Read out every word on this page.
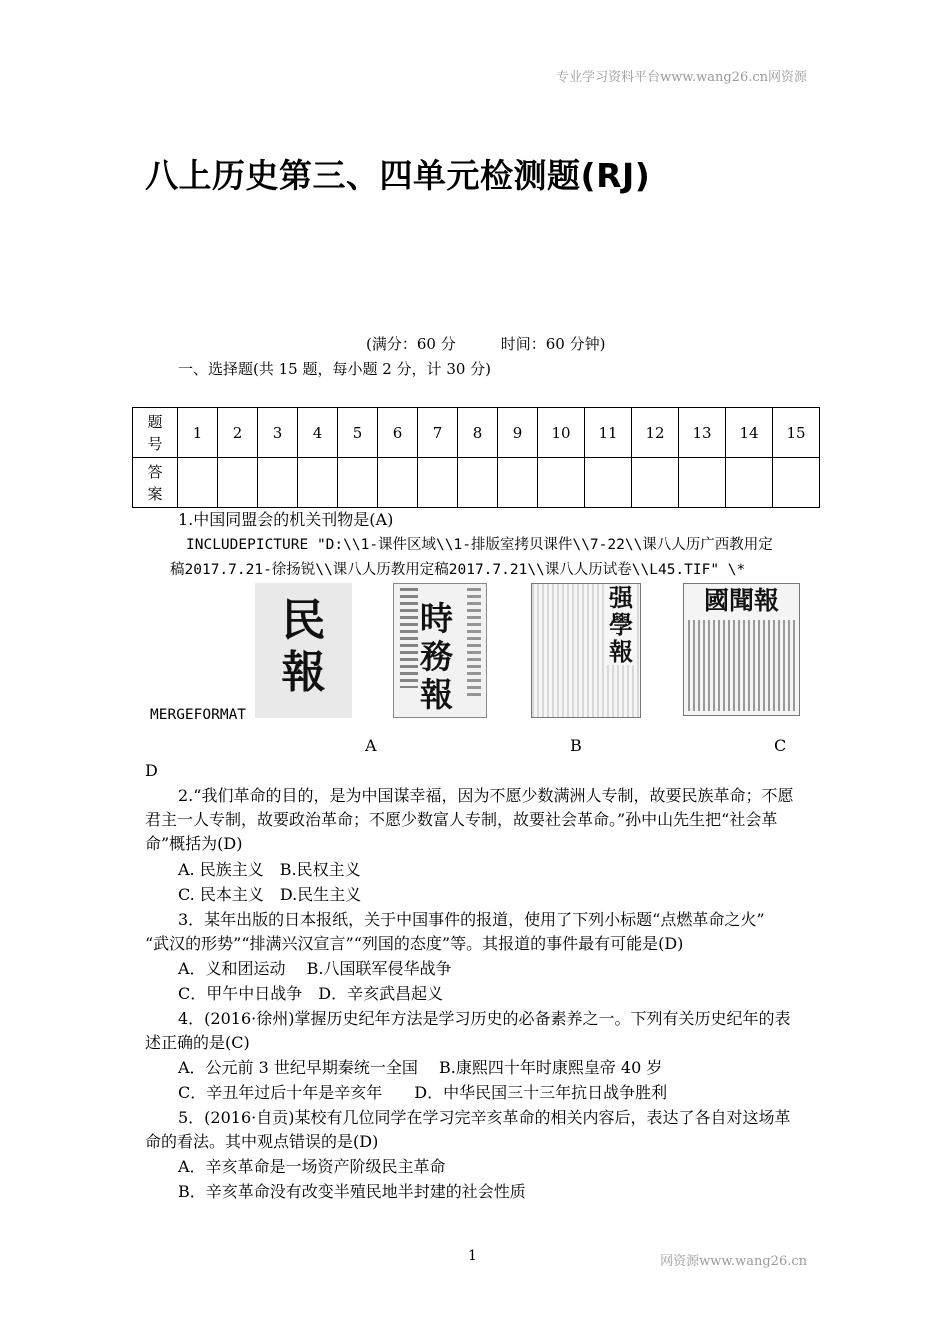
专业学习资料平台www.wang26.cn网资源
八上历史第三、四单元检测题(RJ)
(满分：60 分　　　时间：60 分钟)
一、选择题(共 15 题，每小题 2 分，计 30 分)
题
号	1	2	3	4	5	6	7	8	9	10	11	12	13	14	15

答
案															

1.中国同盟会的机关刊物是(A)
INCLUDEPICTURE "D:\\1-课件区域\\1-排版室拷贝课件\\7-22\\课八人历广西教用定
稿2017.7.21-徐扬锐\\课八人历教用定稿2017.7.21\\课八人历试卷\\L45.TIF" \*
MERGEFORMAT
民
報
時
務
報
强
學
報
國聞報
A	B	C
D
2.“我们革命的目的，是为中国谋幸福，因为不愿少数满洲人专制，故要民族革命；不愿
君主一人专制，故要政治革命；不愿少数富人专制，故要社会革命。”孙中山先生把“社会革
命”概括为(D)
A. 民族主义　B.民权主义
C. 民本主义　D.民生主义
3．某年出版的日本报纸，关于中国事件的报道，使用了下列小标题“点燃革命之火”
“武汉的形势”“排满兴汉宣言”“列国的态度”等。其报道的事件最有可能是(D)
A．义和团运动　 B.八国联军侵华战争
C．甲午中日战争　D．辛亥武昌起义
4．(2016·徐州)掌握历史纪年方法是学习历史的必备素养之一。下列有关历史纪年的表
述正确的是(C)
A．公元前 3 世纪早期秦统一全国　 B.康熙四十年时康熙皇帝 40 岁
C．辛丑年过后十年是辛亥年　　D．中华民国三十三年抗日战争胜利
5．(2016·自贡)某校有几位同学在学习完辛亥革命的相关内容后，表达了各自对这场革
命的看法。其中观点错误的是(D)
A．辛亥革命是一场资产阶级民主革命
B．辛亥革命没有改变半殖民地半封建的社会性质
1	网资源www.wang26.cn
